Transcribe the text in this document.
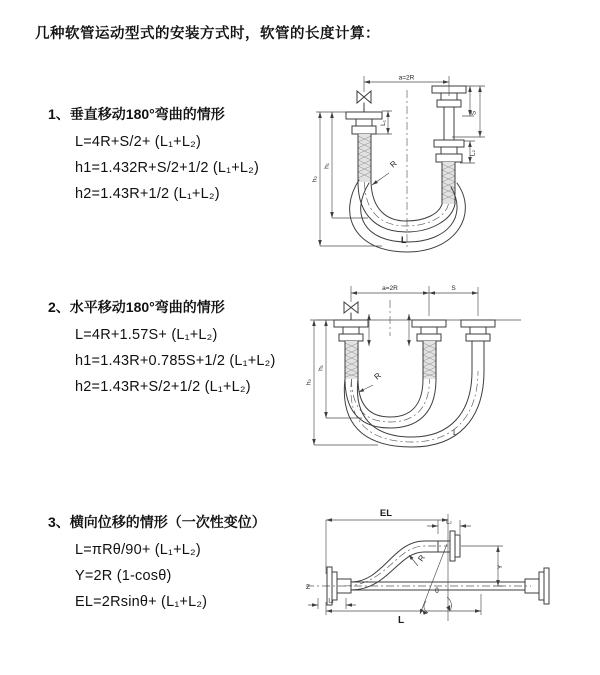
几种软管运动型式的安装方式时，软管的长度计算：
1、垂直移动180°弯曲的情形
L=4R+S/2+ (L₁+L₂)
h1=1.432R+S/2+1/2 (L₁+L₂)
h2=1.43R+1/2 (L₁+L₂)
2、水平移动180°弯曲的情形
L=4R+1.57S+ (L₁+L₂)
h1=1.43R+0.785S+1/2 (L₁+L₂)
h2=1.43R+S/2+1/2 (L₁+L₂)
3、横向位移的情形（一次性变位）
L=πRθ/90+ (L₁+L₂)
Y=2R (1-cosθ)
EL=2Rsinθ+ (L₁+L₂)
a=2R
S
L₂
L₁
h₁
h₂
R
L
a=2R	S
h₁
h₂
R
L
EL
L₂
Y
L
L₁
Z
R
θ
